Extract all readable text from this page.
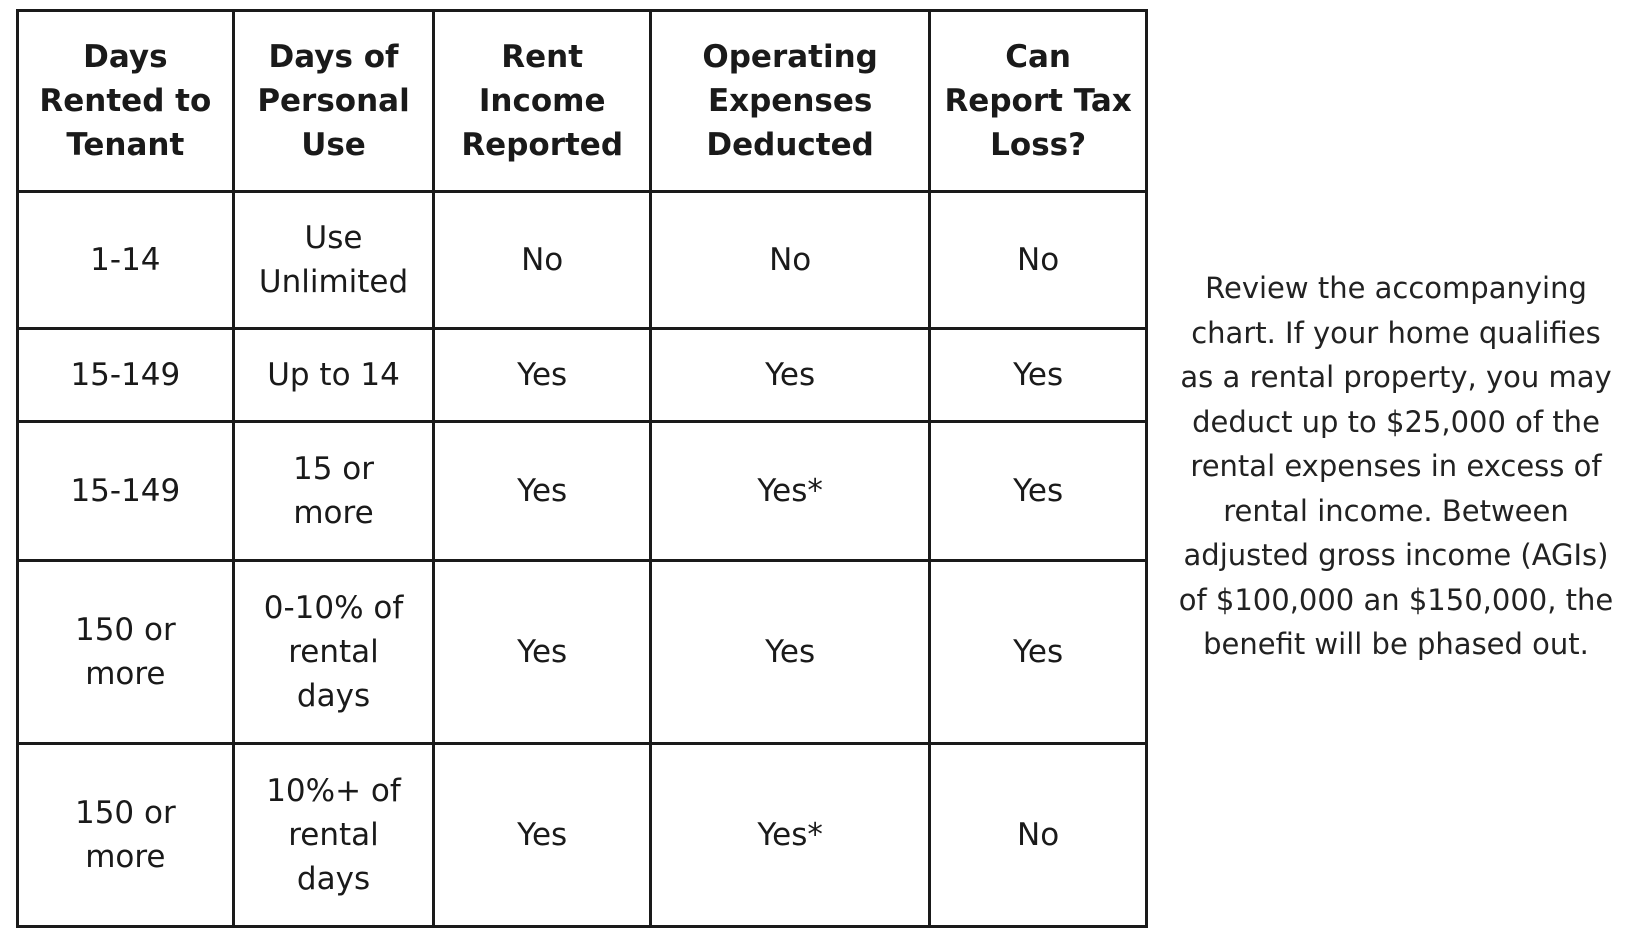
Days
Rented to
Tenant	Days of
Personal
Use	Rent
Income
Reported	Operating
Expenses
Deducted	Can
Report Tax
Loss?
1-14	Use
Unlimited	No	No	No
15-149	Up to 14	Yes	Yes	Yes
15-149	15 or
more	Yes	Yes*	Yes
150 or
more	0-10% of
rental
days	Yes	Yes	Yes
150 or
more	10%+ of
rental
days	Yes	Yes*	No

Review the accompanying
chart. If your home qualifies
as a rental property, you may
deduct up to $25,000 of the
rental expenses in excess of
rental income. Between
adjusted gross income (AGIs)
of $100,000 an $150,000, the
benefit will be phased out.
